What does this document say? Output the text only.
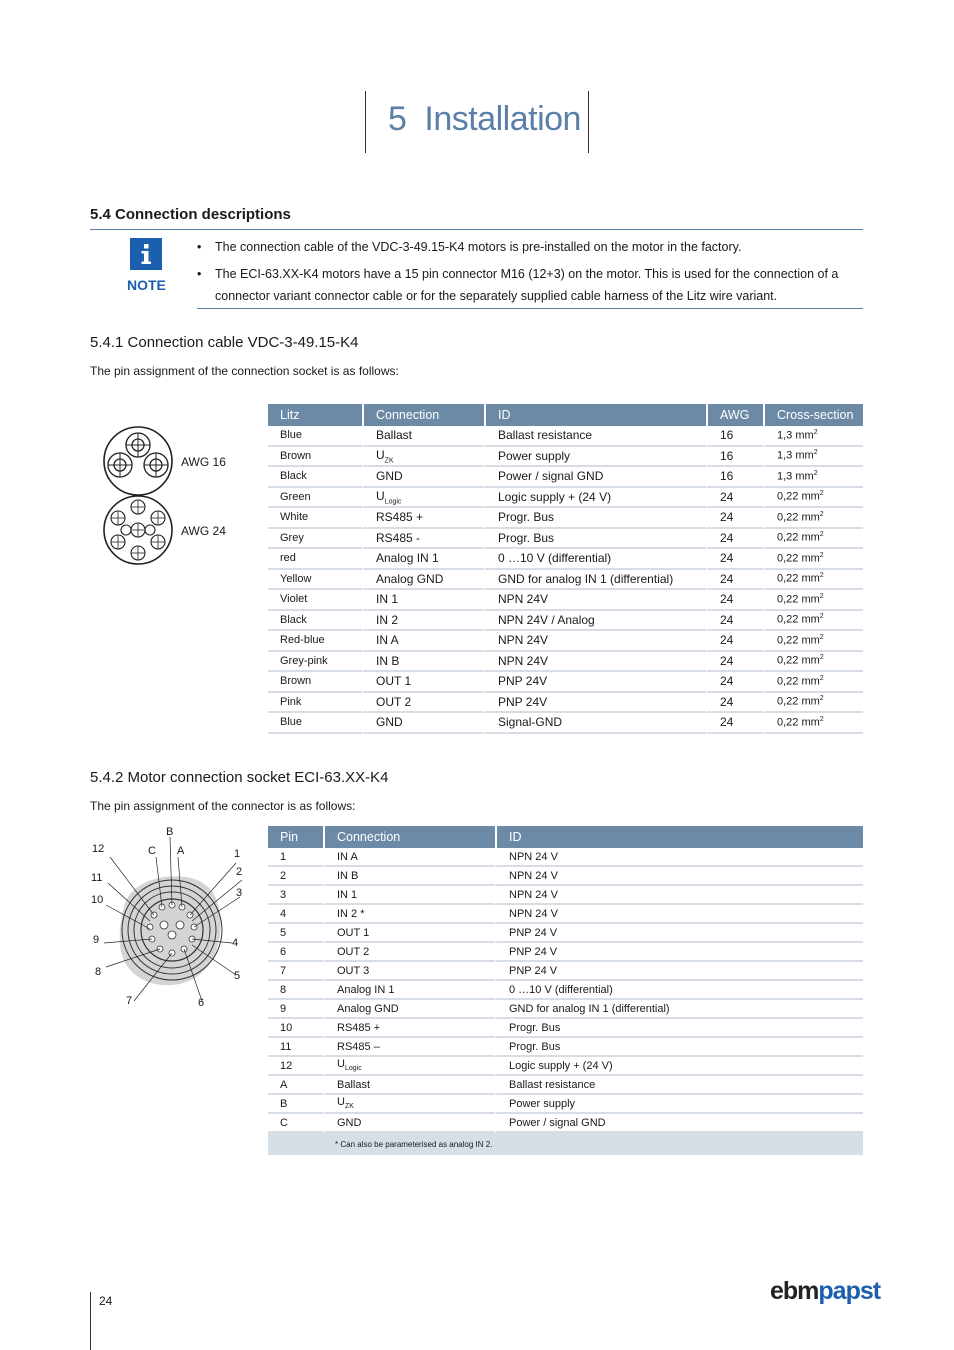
5 Installation
5.4 Connection descriptions
NOTE
•	The connection cable of the VDC-3-49.15-K4 motors is pre-installed on the motor in the factory.
•	The ECI-63.XX-K4 motors have a 15 pin connector M16 (12+3) on the motor. This is used for the connection of a connector variant connector cable or for the separately supplied cable harness of the Litz wire variant.
5.4.1 Connection cable VDC-3-49.15-K4
The pin assignment of the connection socket is as follows:
AWG 16
AWG 24
Litz	Connection	ID	AWG	Cross-section
Blue	Ballast	Ballast resistance	16	1,3 $mm^2$
Brown	$U_{ZK}$	Power supply	16	1,3 $mm^2$
Black	GND	Power / signal GND	16	1,3 $mm^2$
Green	$U_{Logic}$	Logic supply + (24 V)	24	0,22 $mm^2$
White	RS485 +	Progr. Bus	24	0,22 $mm^2$
Grey	RS485 -	Progr. Bus	24	0,22 $mm^2$
red	Analog IN 1	0 …10 V (differential)	24	0,22 $mm^2$
Yellow	Analog GND	GND for analog IN 1 (differential)	24	0,22 $mm^2$
Violet	IN 1	NPN 24V	24	0,22 $mm^2$
Black	IN 2	NPN 24V / Analog	24	0,22 $mm^2$
Red-blue	IN A	NPN 24V	24	0,22 $mm^2$
Grey-pink	IN B	NPN 24V	24	0,22 $mm^2$
Brown	OUT 1	PNP 24V	24	0,22 $mm^2$
Pink	OUT 2	PNP 24V	24	0,22 $mm^2$
Blue	GND	Signal-GND	24	0,22 $mm^2$
5.4.2 Motor connection socket ECI-63.XX-K4
The pin assignment of the connector is as follows:
B
C A
12	1
2
11
3
10
9	4
8	5
7	6
Pin	Connection	ID
1	IN A	NPN 24 V
2	IN B	NPN 24 V
3	IN 1	NPN 24 V
4	IN 2 *	NPN 24 V
5	OUT 1	PNP 24 V
6	OUT 2	PNP 24 V
7	OUT 3	PNP 24 V
8	Analog IN 1	0 …10 V (differential)
9	Analog GND	GND for analog IN 1 (differential)
10	RS485 +	Progr. Bus
11	RS485 –	Progr. Bus
12	$U_{Logic}$	Logic supply + (24 V)
A	Ballast	Ballast resistance
B	$U_{ZK}$	Power supply
C	GND	Power / signal GND
	* Can also be parameterised as analog IN 2.	
24	ebmpapst
